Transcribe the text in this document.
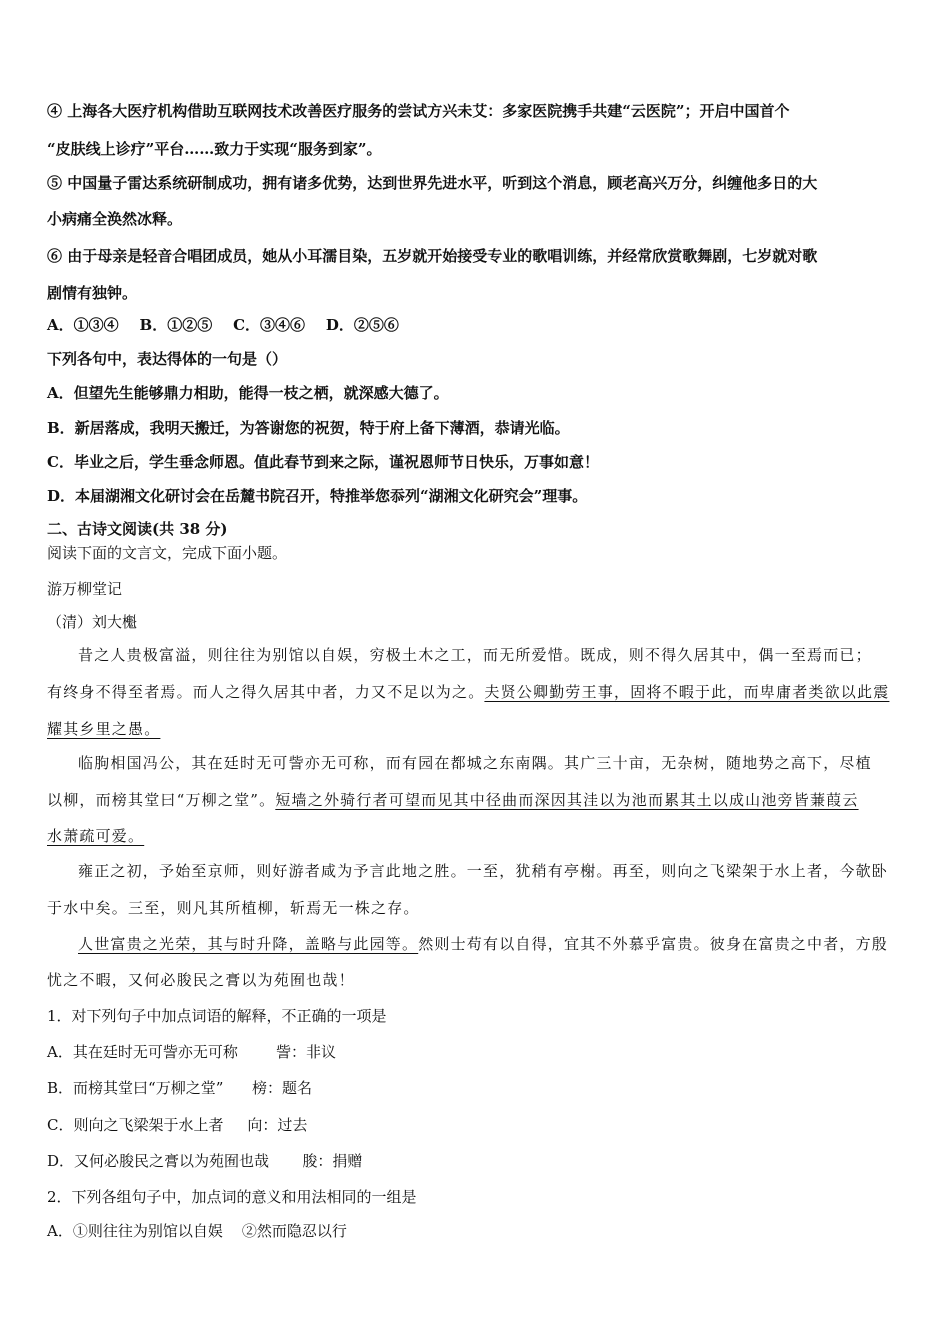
④ 上海各大医疗机构借助互联网技术改善医疗服务的尝试方兴未艾：多家医院携手共建“云医院”；开启中国首个
“皮肤线上诊疗”平台……致力于实现“服务到家”。
⑤ 中国量子雷达系统研制成功，拥有诸多优势，达到世界先进水平，听到这个消息，顾老高兴万分，纠缠他多日的大
小病痛全涣然冰释。
⑥ 由于母亲是轻音合唱团成员，她从小耳濡目染，五岁就开始接受专业的歌唱训练，并经常欣赏歌舞剧，七岁就对歌
剧情有独钟。
A．①③④    B．①②⑤    C．③④⑥    D．②⑤⑥
下列各句中，表达得体的一句是（）
A．但望先生能够鼎力相助，能得一枝之栖，就深感大德了。
B．新居落成，我明天搬迁，为答谢您的祝贺，特于府上备下薄酒，恭请光临。
C．毕业之后，学生垂念师恩。值此春节到来之际，谨祝恩师节日快乐，万事如意！
D．本届湖湘文化研讨会在岳麓书院召开，特推举您忝列“湖湘文化研究会”理事。
二、古诗文阅读(共 38 分)
阅读下面的文言文，完成下面小题。
游万柳堂记
（清）刘大櫆
昔之人贵极富溢，则往往为别馆以自娱，穷极土木之工，而无所爱惜。既成，则不得久居其中，偶一至焉而已；
有终身不得至者焉。而人之得久居其中者，力又不足以为之。夫贤公卿勤劳王事，固将不暇于此，而卑庸者类欲以此震
耀其乡里之愚。
临朐相国冯公，其在廷时无可訾亦无可称，而有园在都城之东南隅。其广三十亩，无杂树，随地势之高下，尽植
以柳，而榜其堂曰“万柳之堂”。短墙之外骑行者可望而见其中径曲而深因其洼以为池而累其土以成山池旁皆蒹葭云
水萧疏可爱。
雍正之初，予始至京师，则好游者咸为予言此地之胜。一至，犹稍有亭榭。再至，则向之飞梁架于水上者，今欹卧
于水中矣。三至，则凡其所植柳，斩焉无一株之存。
人世富贵之光荣，其与时升降，盖略与此园等。然则士苟有以自得，宜其不外慕乎富贵。彼身在富贵之中者，方殷
忧之不暇，又何必朘民之膏以为苑囿也哉！
1．对下列句子中加点词语的解释，不正确的一项是
A．其在廷时无可訾亦无可称        訾：非议
B．而榜其堂曰“万柳之堂”      榜：题名
C．则向之飞梁架于水上者     向：过去
D．又何必朘民之膏以为苑囿也哉       朘：捐赠
2．下列各组句子中，加点词的意义和用法相同的一组是
A．①则往往为别馆以自娱    ②然而隐忍以行
